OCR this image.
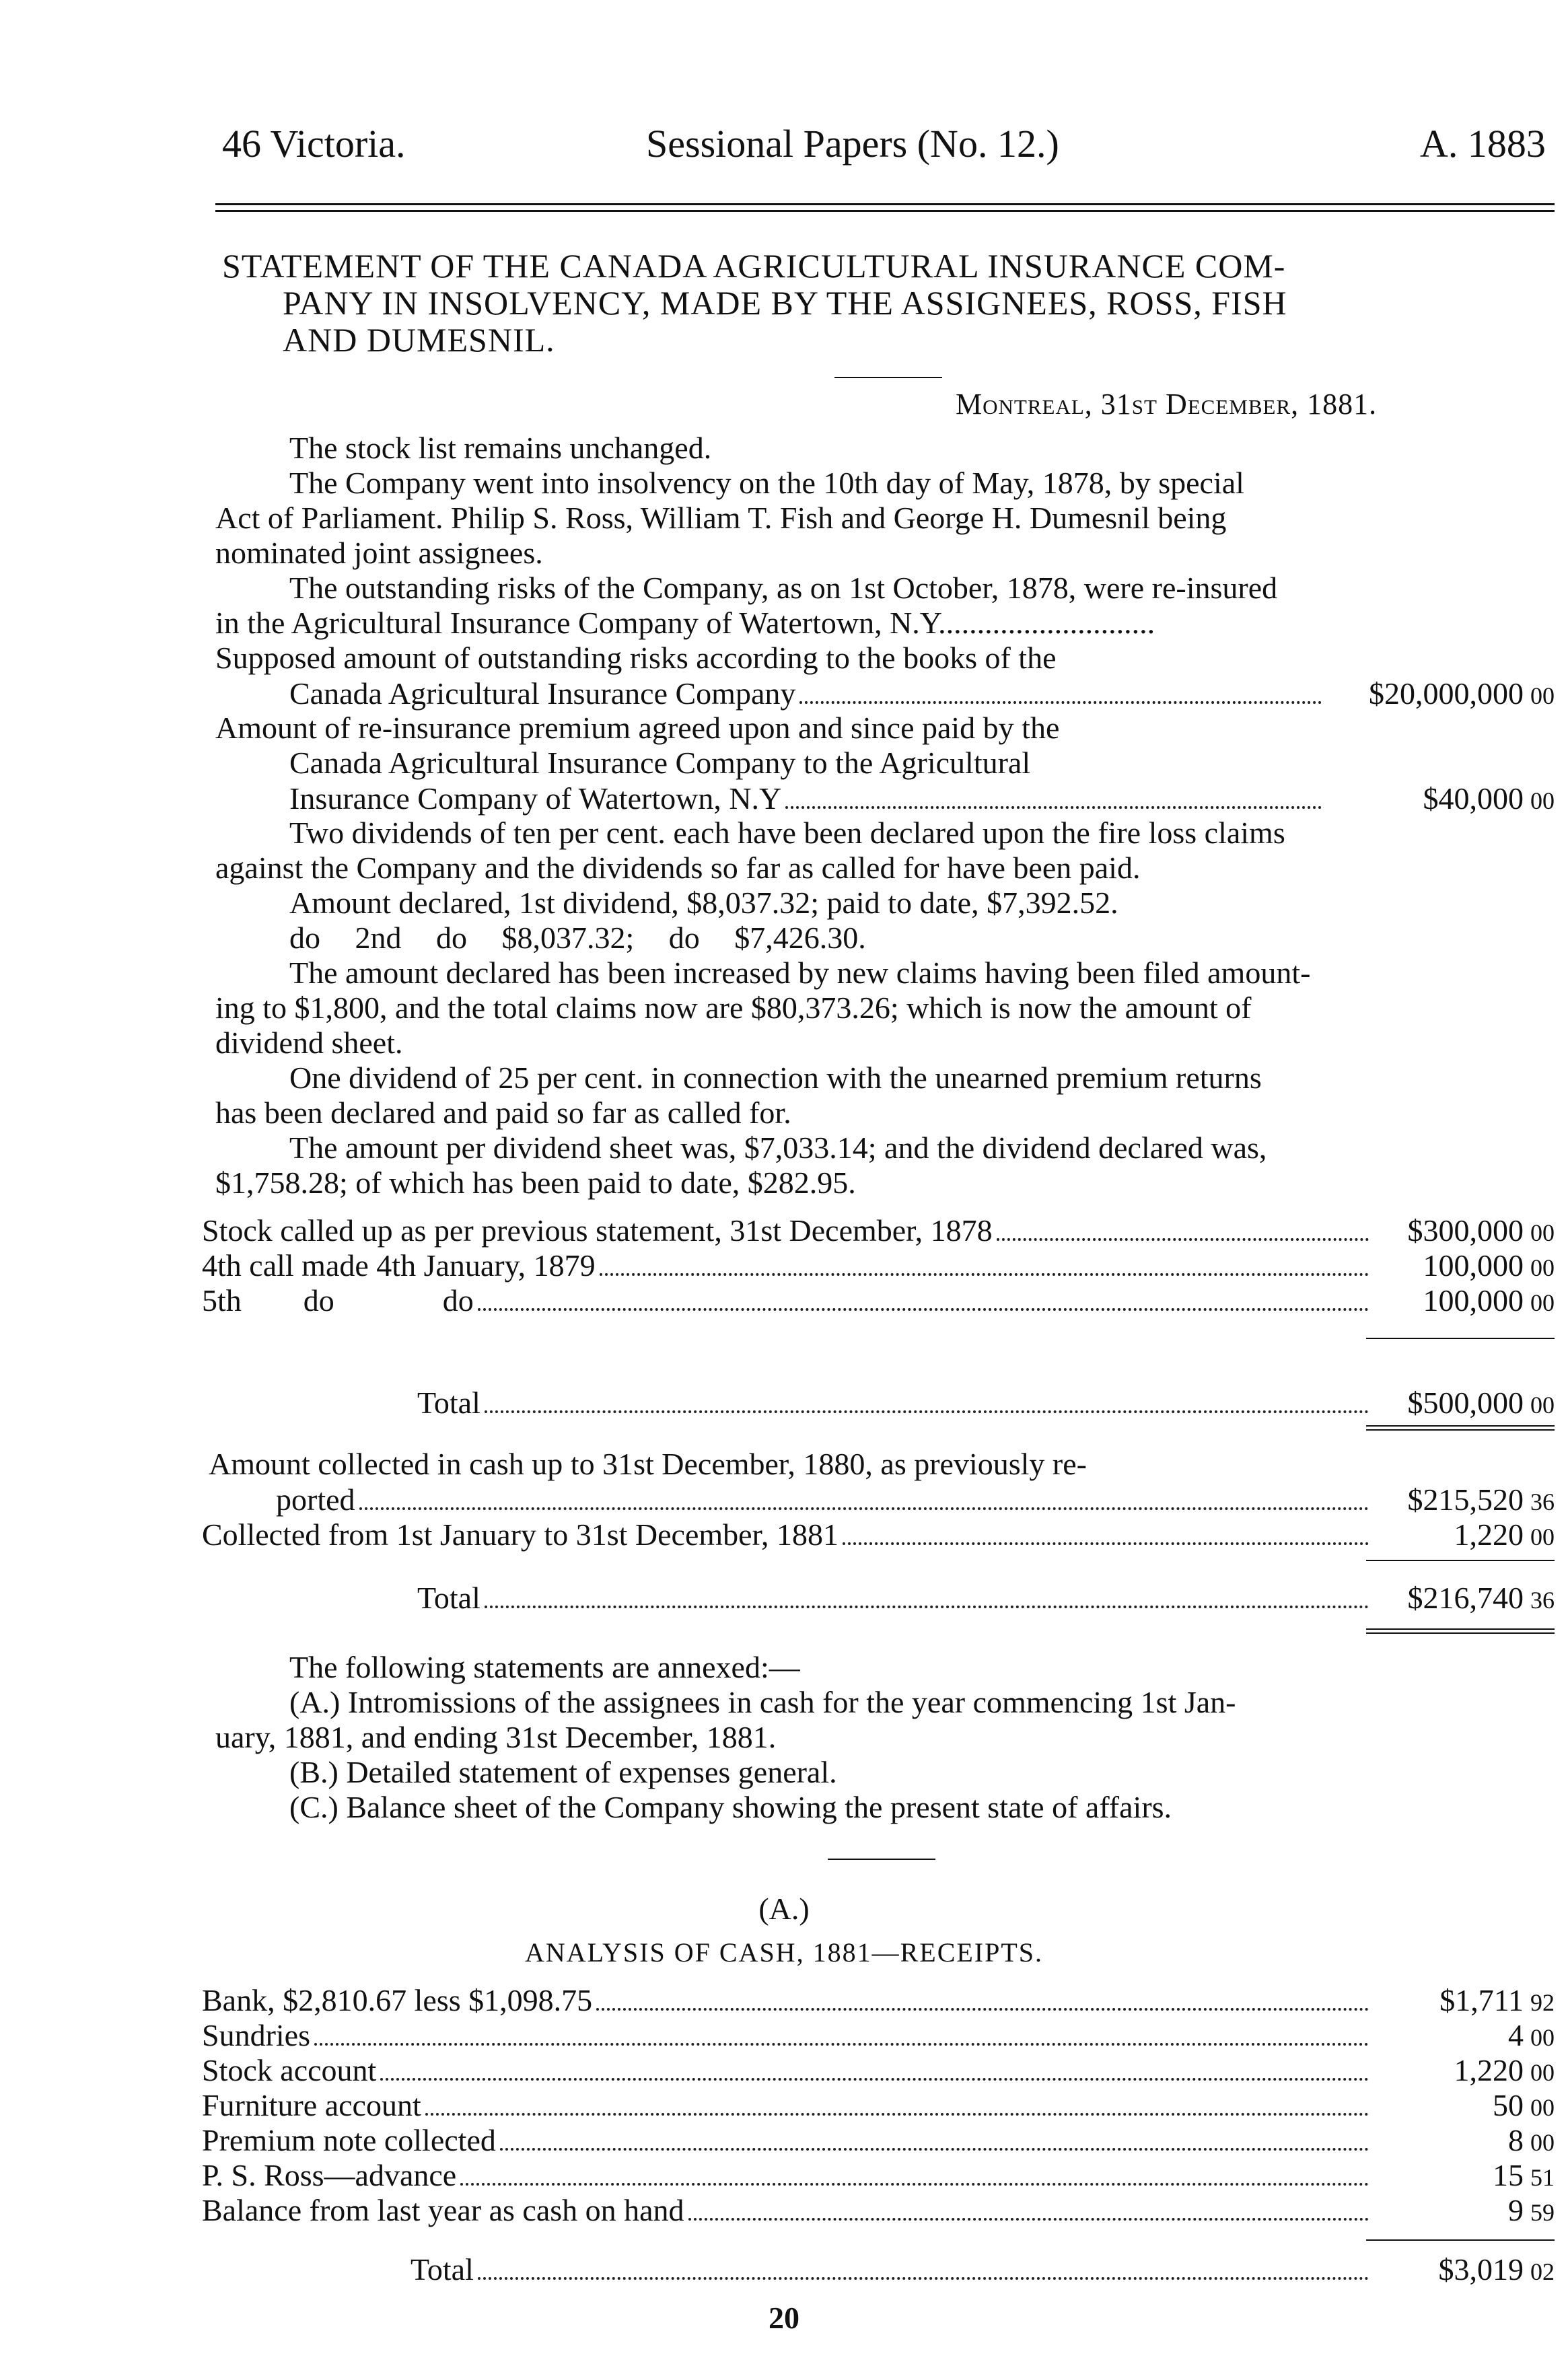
46 Victoria.	Sessional Papers (No. 12.)	A. 1883
STATEMENT OF THE CANADA AGRICULTURAL INSURANCE COM-
PANY IN INSOLVENCY, MADE BY THE ASSIGNEES, ROSS, FISH
AND DUMESNIL.
Montreal, 31st December, 1881.
The stock list remains unchanged.
The Company went into insolvency on the 10th day of May, 1878, by special
Act of Parliament. Philip S. Ross, William T. Fish and George H. Dumesnil being
nominated joint assignees.
The outstanding risks of the Company, as on 1st October, 1878, were re-insured
in the Agricultural Insurance Company of Watertown, N.Y............................
Supposed amount of outstanding risks according to the books of the
Canada Agricultural Insurance Company	$20,000,000 00
Amount of re-insurance premium agreed upon and since paid by the
Canada Agricultural Insurance Company to the Agricultural
Insurance Company of Watertown, N.Y	$40,000 00
Two dividends of ten per cent. each have been declared upon the fire loss claims
against the Company and the dividends so far as called for have been paid.
Amount declared, 1st dividend, $8,037.32; paid to date, $7,392.52.
do 2nd do $8,037.32; do $7,426.30.
The amount declared has been increased by new claims having been filed amount-
ing to $1,800, and the total claims now are $80,373.26; which is now the amount of
dividend sheet.
One dividend of 25 per cent. in connection with the unearned premium returns
has been declared and paid so far as called for.
The amount per dividend sheet was, $7,033.14; and the dividend declared was,
$1,758.28; of which has been paid to date, $282.95.
Stock called up as per previous statement, 31st December, 1878	$300,000 00
4th call made 4th January, 1879	100,000 00
5th        do              do	100,000 00
Total	$500,000 00
Amount collected in cash up to 31st December, 1880, as previously re-
ported	$215,520 36
Collected from 1st January to 31st December, 1881	1,220 00
Total	$216,740 36
The following statements are annexed:—
(A.) Intromissions of the assignees in cash for the year commencing 1st Jan-
uary, 1881, and ending 31st December, 1881.
(B.) Detailed statement of expenses general.
(C.) Balance sheet of the Company showing the present state of affairs.
(A.)
ANALYSIS OF CASH, 1881—RECEIPTS.
Bank, $2,810.67 less $1,098.75	$1,711 92
Sundries	4 00
Stock account	1,220 00
Furniture account	50 00
Premium note collected	8 00
P. S. Ross—advance	15 51
Balance from last year as cash on hand	9 59
Total	$3,019 02
20
